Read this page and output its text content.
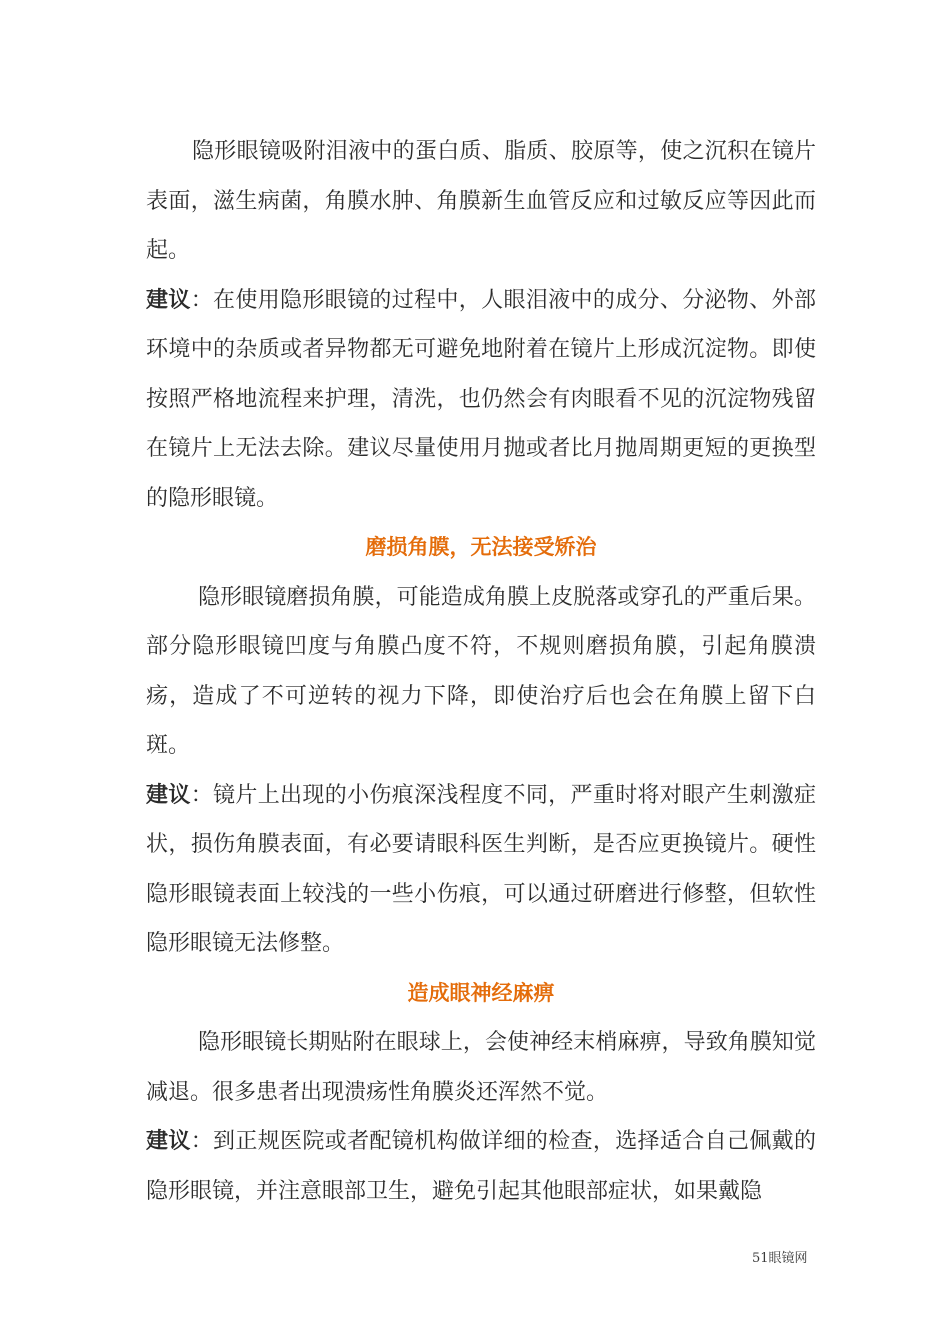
隐形眼镜吸附泪液中的蛋白质、脂质、胶原等，使之沉积在镜片表面，滋生病菌，角膜水肿、角膜新生血管反应和过敏反应等因此而起。

建议：在使用隐形眼镜的过程中，人眼泪液中的成分、分泌物、外部环境中的杂质或者异物都无可避免地附着在镜片上形成沉淀物。即使按照严格地流程来护理，清洗，也仍然会有肉眼看不见的沉淀物残留在镜片上无法去除。建议尽量使用月抛或者比月抛周期更短的更换型的隐形眼镜。

磨损角膜，无法接受矫治

隐形眼镜磨损角膜，可能造成角膜上皮脱落或穿孔的严重后果。部分隐形眼镜凹度与角膜凸度不符，不规则磨损角膜，引起角膜溃疡，造成了不可逆转的视力下降，即使治疗后也会在角膜上留下白斑。

建议：镜片上出现的小伤痕深浅程度不同，严重时将对眼产生刺激症状，损伤角膜表面，有必要请眼科医生判断，是否应更换镜片。硬性隐形眼镜表面上较浅的一些小伤痕，可以通过研磨进行修整，但软性隐形眼镜无法修整。

造成眼神经麻痹

隐形眼镜长期贴附在眼球上，会使神经末梢麻痹，导致角膜知觉减退。很多患者出现溃疡性角膜炎还浑然不觉。

建议：到正规医院或者配镜机构做详细的检查，选择适合自己佩戴的隐形眼镜，并注意眼部卫生，避免引起其他眼部症状，如果戴隐

51眼镜网
